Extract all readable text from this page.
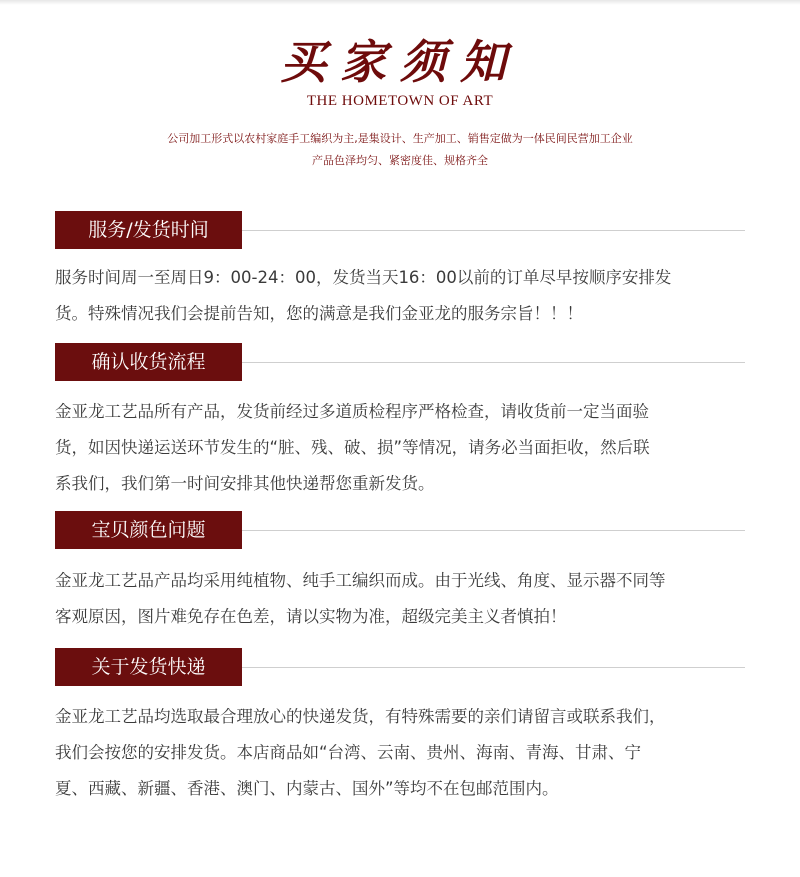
买家须知
THE HOMETOWN OF ART
公司加工形式以农村家庭手工编织为主,是集设计、生产加工、销售定做为一体民间民营加工企业
产品色泽均匀、紧密度佳、规格齐全
服务/发货时间
服务时间周一至周日9：00-24：00，发货当天16：00以前的订单尽早按顺序安排发
货。特殊情况我们会提前告知，您的满意是我们金亚龙的服务宗旨！！！
确认收货流程
金亚龙工艺品所有产品，发货前经过多道质检程序严格检查，请收货前一定当面验
货，如因快递运送环节发生的“脏、残、破、损”等情况，请务必当面拒收，然后联
系我们，我们第一时间安排其他快递帮您重新发货。
宝贝颜色问题
金亚龙工艺品产品均采用纯植物、纯手工编织而成。由于光线、角度、显示器不同等
客观原因，图片难免存在色差，请以实物为准，超级完美主义者慎拍！
关于发货快递
金亚龙工艺品均选取最合理放心的快递发货，有特殊需要的亲们请留言或联系我们，
我们会按您的安排发货。本店商品如“台湾、云南、贵州、海南、青海、甘肃、宁
夏、西藏、新疆、香港、澳门、内蒙古、国外”等均不在包邮范围内。
